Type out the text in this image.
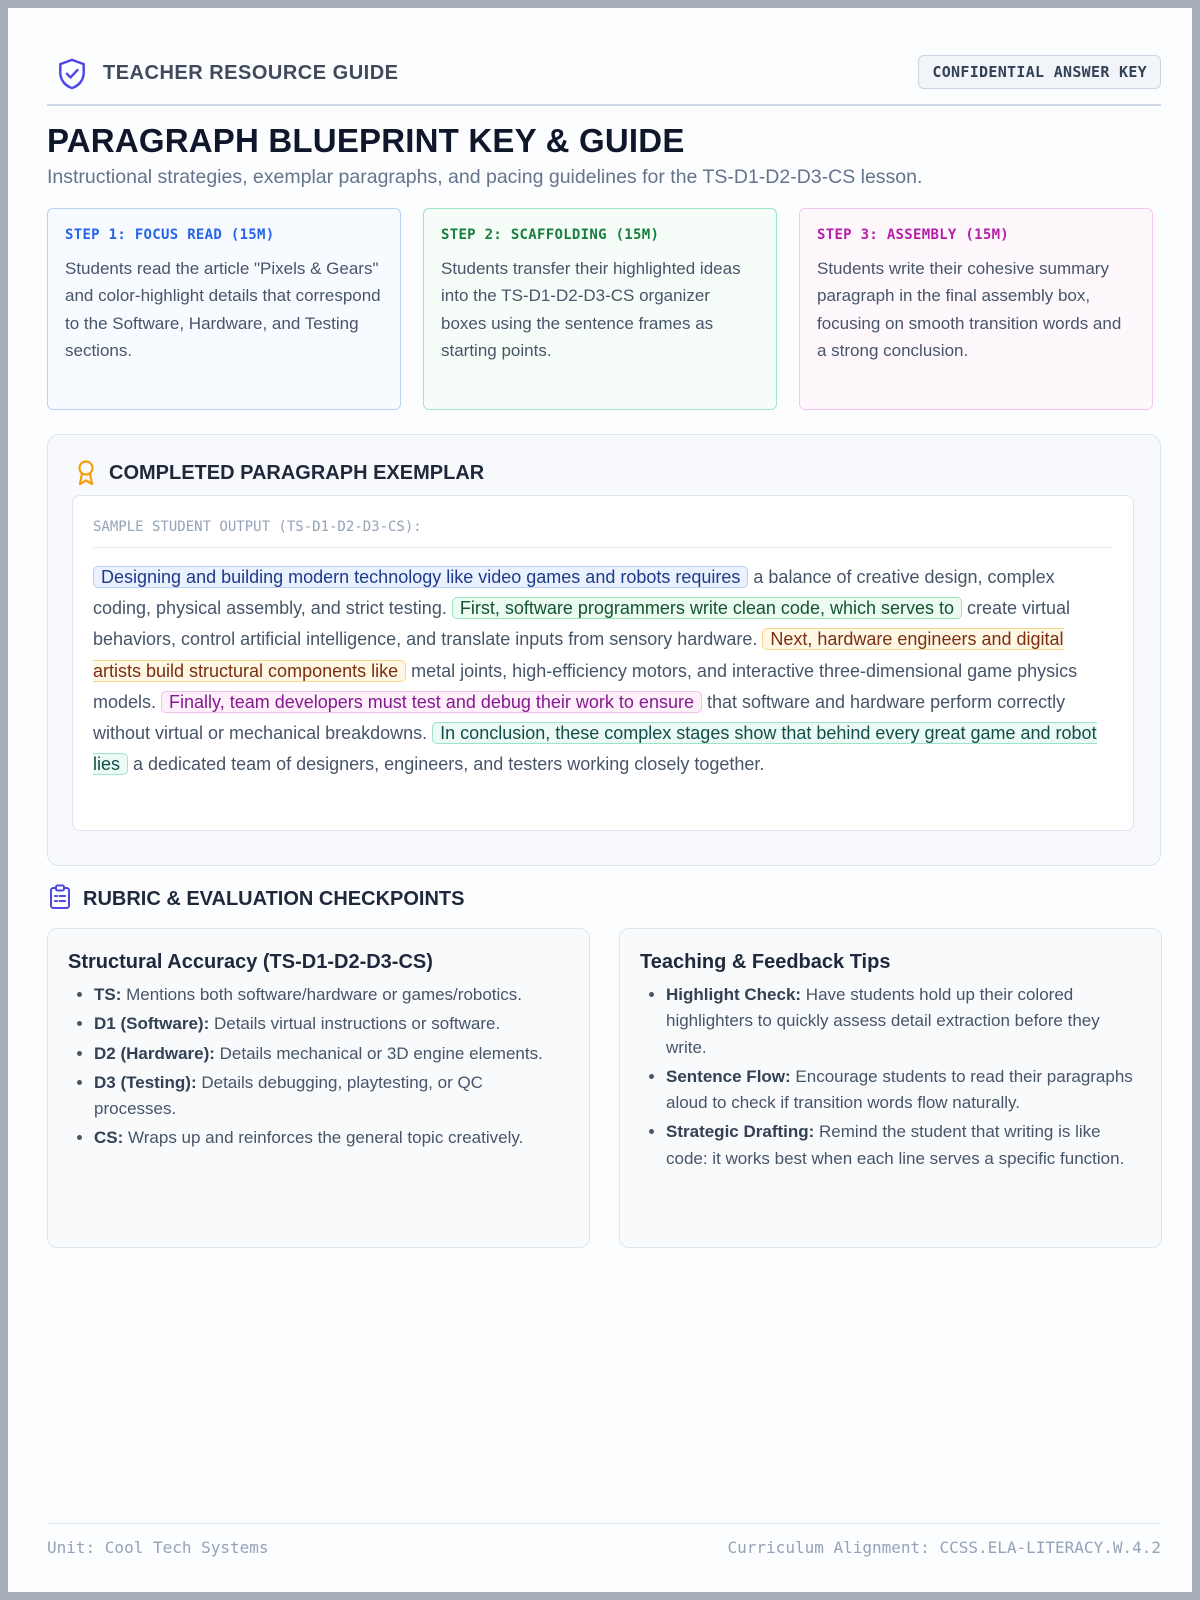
TEACHER RESOURCE GUIDE	CONFIDENTIAL ANSWER KEY
PARAGRAPH BLUEPRINT KEY & GUIDE

Instructional strategies, exemplar paragraphs, and pacing guidelines for the TS-D1-D2-D3-CS lesson.

STEP 1: FOCUS READ (15M)
Students read the article "Pixels & Gears" and color-highlight details that correspond to the Software, Hardware, and Testing sections.
STEP 2: SCAFFOLDING (15M)
Students transfer their highlighted ideas into the TS-D1-D2-D3-CS organizer boxes using the sentence frames as starting points.
STEP 3: ASSEMBLY (15M)
Students write their cohesive summary paragraph in the final assembly box, focusing on smooth transition words and a strong conclusion.
COMPLETED PARAGRAPH EXEMPLAR
SAMPLE STUDENT OUTPUT (TS-D1-D2-D3-CS):

Designing and building modern technology like video games and robots requires a balance of creative design, complex coding, physical assembly, and strict testing. First, software programmers write clean code, which serves to create virtual behaviors, control artificial intelligence, and translate inputs from sensory hardware. Next, hardware engineers and digital artists build structural components like metal joints, high-efficiency motors, and interactive three-dimensional game physics models. Finally, team developers must test and debug their work to ensure that software and hardware perform correctly without virtual or mechanical breakdowns. In conclusion, these complex stages show that behind every great game and robot lies a dedicated team of designers, engineers, and testers working closely together.

RUBRIC & EVALUATION CHECKPOINTS
Structural Accuracy (TS-D1-D2-D3-CS)
• TS: Mentions both software/hardware or games/robotics.
• D1 (Software): Details virtual instructions or software.
• D2 (Hardware): Details mechanical or 3D engine elements.
• D3 (Testing): Details debugging, playtesting, or QC processes.
• CS: Wraps up and reinforces the general topic creatively.
Teaching & Feedback Tips
• Highlight Check: Have students hold up their colored highlighters to quickly assess detail extraction before they write.
• Sentence Flow: Encourage students to read their paragraphs aloud to check if transition words flow naturally.
• Strategic Drafting: Remind the student that writing is like code: it works best when each line serves a specific function.
Unit: Cool Tech Systems	Curriculum Alignment: CCSS.ELA-LITERACY.W.4.2
